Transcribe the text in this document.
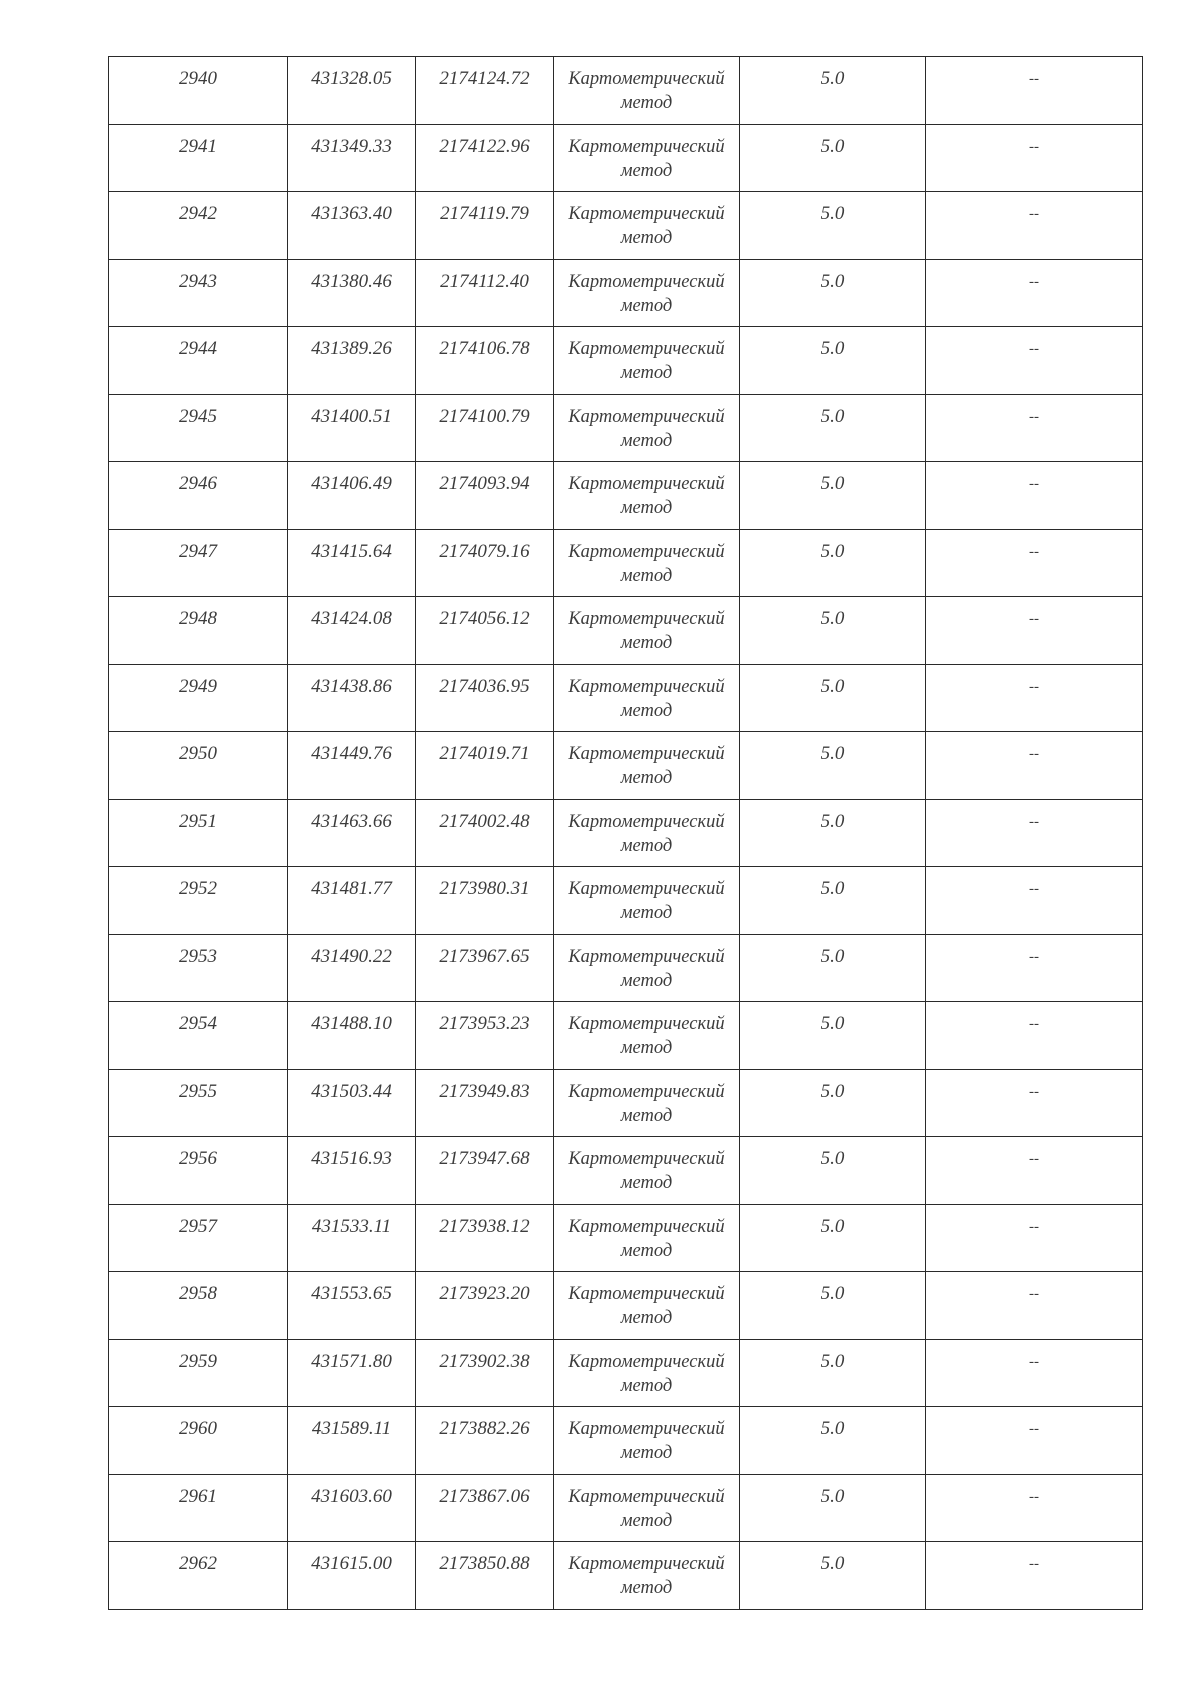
2940	431328.05	2174124.72	Картометрический метод	5.0	--
2941	431349.33	2174122.96	Картометрический метод	5.0	--
2942	431363.40	2174119.79	Картометрический метод	5.0	--
2943	431380.46	2174112.40	Картометрический метод	5.0	--
2944	431389.26	2174106.78	Картометрический метод	5.0	--
2945	431400.51	2174100.79	Картометрический метод	5.0	--
2946	431406.49	2174093.94	Картометрический метод	5.0	--
2947	431415.64	2174079.16	Картометрический метод	5.0	--
2948	431424.08	2174056.12	Картометрический метод	5.0	--
2949	431438.86	2174036.95	Картометрический метод	5.0	--
2950	431449.76	2174019.71	Картометрический метод	5.0	--
2951	431463.66	2174002.48	Картометрический метод	5.0	--
2952	431481.77	2173980.31	Картометрический метод	5.0	--
2953	431490.22	2173967.65	Картометрический метод	5.0	--
2954	431488.10	2173953.23	Картометрический метод	5.0	--
2955	431503.44	2173949.83	Картометрический метод	5.0	--
2956	431516.93	2173947.68	Картометрический метод	5.0	--
2957	431533.11	2173938.12	Картометрический метод	5.0	--
2958	431553.65	2173923.20	Картометрический метод	5.0	--
2959	431571.80	2173902.38	Картометрический метод	5.0	--
2960	431589.11	2173882.26	Картометрический метод	5.0	--
2961	431603.60	2173867.06	Картометрический метод	5.0	--
2962	431615.00	2173850.88	Картометрический метод	5.0	--
